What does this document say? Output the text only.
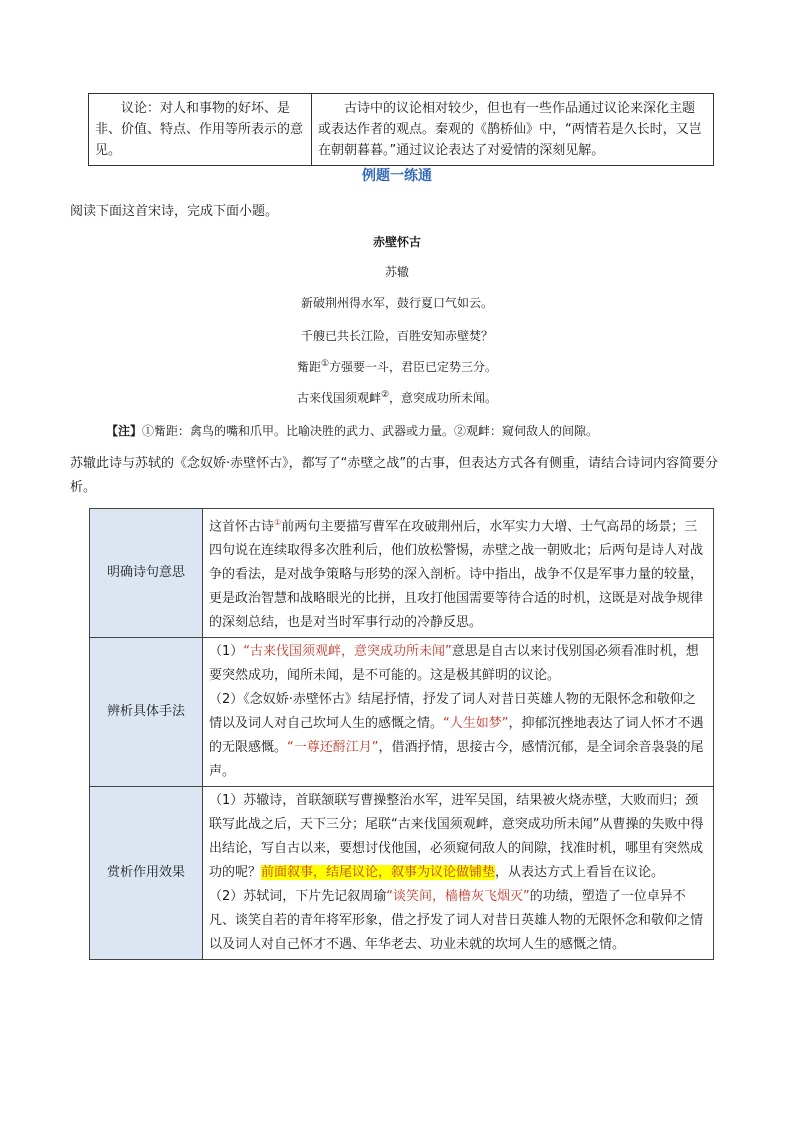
议论：对人和事物的好坏、是非、价值、特点、作用等所表示的意见。	古诗中的议论相对较少，但也有一些作品通过议论来深化主题或表达作者的观点。秦观的《鹊桥仙》中，“两情若是久长时，又岂在朝朝暮暮。”通过议论表达了对爱情的深刻见解。
例题一练通
阅读下面这首宋诗，完成下面小题。
赤壁怀古
苏辙
新破荆州得水军，鼓行夏口气如云。
千艘已共长江险，百胜安知赤壁焚？
觜距①方强要一斗，君臣已定势三分。
古来伐国须观衅②，意突成功所未闻。
【注】①觜距：禽鸟的嘴和爪甲。比喻决胜的武力、武器或力量。②观衅：窥伺敌人的间隙。
苏辙此诗与苏轼的《念奴娇·赤壁怀古》，都写了“赤壁之战”的古事，但表达方式各有侧重，请结合诗词内容简要分析。
明确诗句意思	这首怀古诗①前两句主要描写曹军在攻破荆州后，水军实力大增、士气高昂的场景；三四句说在连续取得多次胜利后，他们放松警惕，赤壁之战一朝败北；后两句是诗人对战争的看法，是对战争策略与形势的深入剖析。诗中指出，战争不仅是军事力量的较量，更是政治智慧和战略眼光的比拼，且攻打他国需要等待合适的时机，这既是对战争规律的深刻总结，也是对当时军事行动的冷静反思。
辨析具体手法	（1）“古来伐国须观衅，意突成功所未闻”意思是自古以来讨伐别国必须看准时机，想要突然成功，闻所未闻，是不可能的。这是极其鲜明的议论。
（2）《念奴娇·赤壁怀古》结尾抒情，抒发了词人对昔日英雄人物的无限怀念和敬仰之情以及词人对自己坎坷人生的感慨之情。“人生如梦”，抑郁沉挫地表达了词人怀才不遇的无限感慨。“一尊还酹江月”，借酒抒情，思接古今，感情沉郁，是全词余音袅袅的尾声。

赏析作用效果	（1）苏辙诗，首联颔联写曹操整治水军，进军吴国，结果被火烧赤壁，大败而归；颈联写此战之后，天下三分；尾联“古来伐国须观衅，意突成功所未闻”从曹操的失败中得出结论，写自古以来，要想讨伐他国，必须窥伺敌人的间隙，找准时机，哪里有突然成功的呢？前面叙事，结尾议论，叙事为议论做铺垫，从表达方式上看旨在议论。
（2）苏轼词，下片先记叙周瑜“谈笑间，樯橹灰飞烟灭”的功绩，塑造了一位卓异不凡、谈笑自若的青年将军形象，借之抒发了词人对昔日英雄人物的无限怀念和敬仰之情以及词人对自己怀才不遇、年华老去、功业未就的坎坷人生的感慨之情。
